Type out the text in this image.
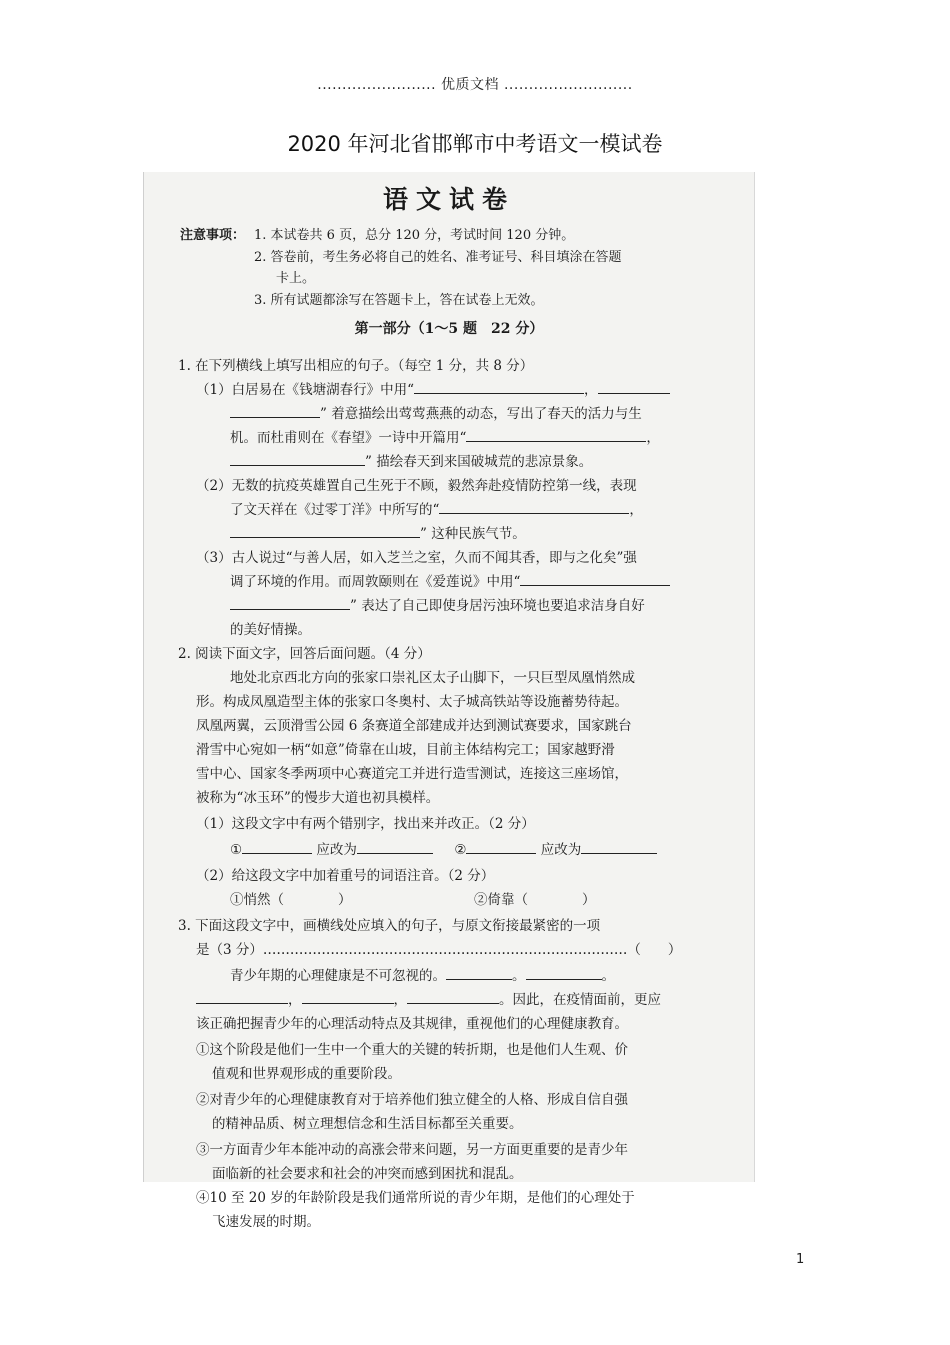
........................ 优质文档 ..........................
2020 年河北省邯郸市中考语文一模试卷
语文试卷
注意事项： 1. 本试卷共 6 页，总分 120 分，考试时间 120 分钟。
2. 答卷前，考生务必将自己的姓名、准考证号、科目填涂在答题
卡上。
3. 所有试题都涂写在答题卡上，答在试卷上无效。
第一部分（1～5 题　22 分）
1. 在下列横线上填写出相应的句子。（每空 1 分，共 8 分）
（1）白居易在《钱塘湖春行》中用“	，
” 着意描绘出莺莺燕燕的动态，写出了春天的活力与生
机。而杜甫则在《春望》一诗中开篇用“	，
” 描绘春天到来国破城荒的悲凉景象。
（2）无数的抗疫英雄置自己生死于不顾，毅然奔赴疫情防控第一线，表现
了文天祥在《过零丁洋》中所写的“	，
” 这种民族气节。
（3）古人说过“与善人居，如入芝兰之室，久而不闻其香，即与之化矣”强
调了环境的作用。而周敦颐则在《爱莲说》中用“
” 表达了自己即使身居污浊环境也要追求洁身自好
的美好情操。
2. 阅读下面文字，回答后面问题。（4 分）
地处北京西北方向的张家口崇礼区太子山脚下，一只巨型凤凰悄然成
形。构成凤凰造型主体的张家口冬奥村、太子城高铁站等设施蓄势待起。
凤凰两翼，云顶滑雪公园 6 条赛道全部建成并达到测试赛要求，国家跳台
滑雪中心宛如一柄“如意”倚靠在山坡，目前主体结构完工；国家越野滑
雪中心、国家冬季两项中心赛道完工并进行造雪测试，连接这三座场馆，
被称为“冰玉环”的慢步大道也初具模样。
（1）这段文字中有两个错别字，找出来并改正。（2 分）
①	应改为	②	应改为
（2）给这段文字中加着重号的词语注音。（2 分）
①悄然（　　　　）	②倚靠（　　　　）
3. 下面这段文字中，画横线处应填入的句子，与原文衔接最紧密的一项
是（3 分）………………………………………………………………………（　　）
青少年期的心理健康是不可忽视的。	。	。
，	，	。因此，在疫情面前，更应
该正确把握青少年的心理活动特点及其规律，重视他们的心理健康教育。
①这个阶段是他们一生中一个重大的关键的转折期，也是他们人生观、价
值观和世界观形成的重要阶段。
②对青少年的心理健康教育对于培养他们独立健全的人格、形成自信自强
的精神品质、树立理想信念和生活目标都至关重要。
③一方面青少年本能冲动的高涨会带来问题，另一方面更重要的是青少年
面临新的社会要求和社会的冲突而感到困扰和混乱。
④10 至 20 岁的年龄阶段是我们通常所说的青少年期，是他们的心理处于
飞速发展的时期。
1
